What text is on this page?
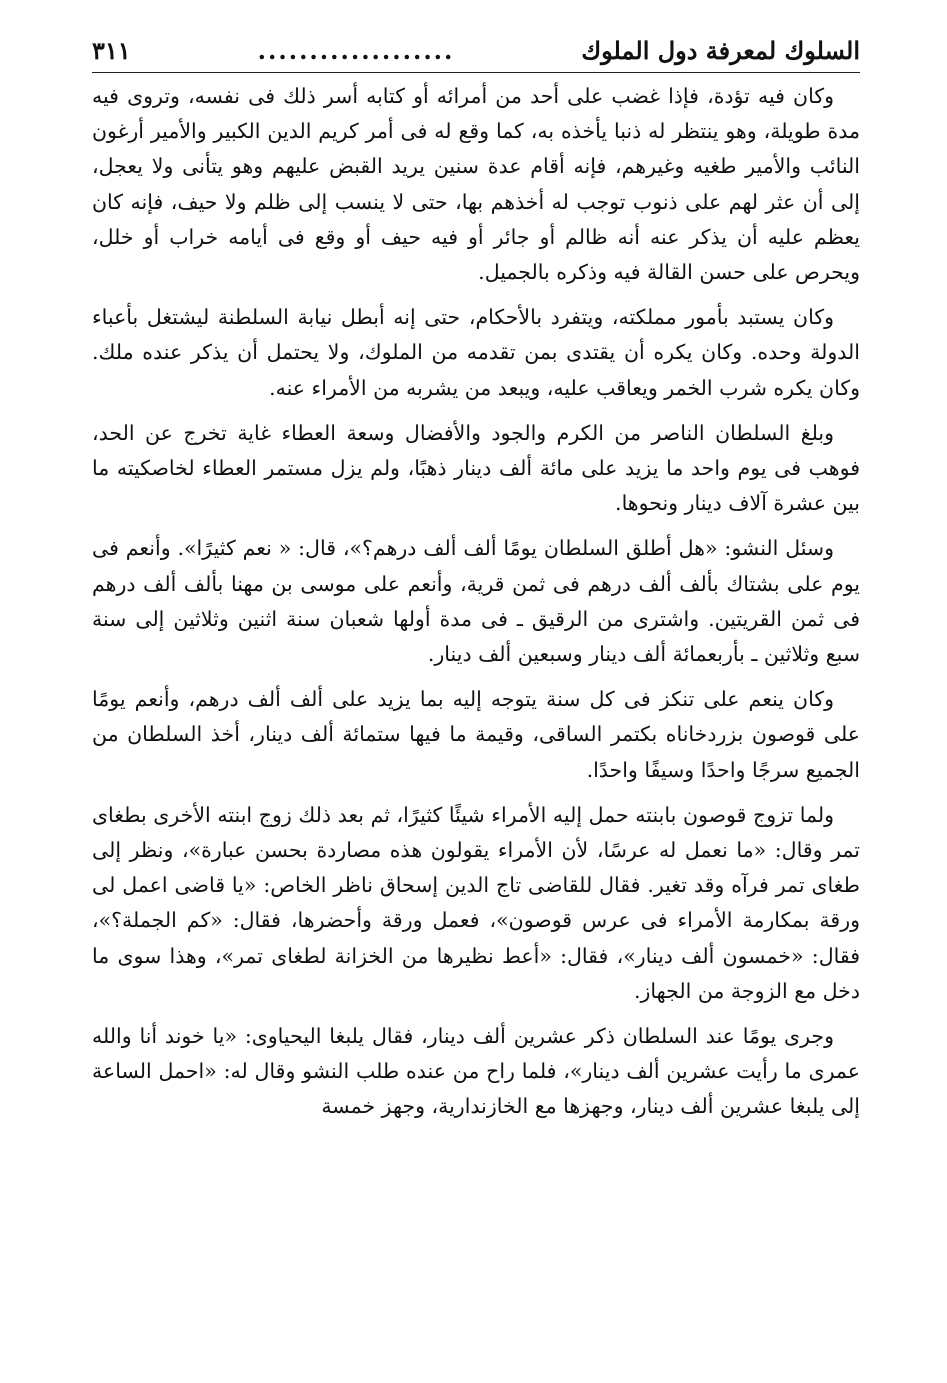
السلوك لمعرفة دول الملوك
...................
٣١١

وكان فيه تؤدة، فإذا غضب على أحد من أمرائه أو كتابه أسر ذلك فى نفسه، وتروى فيه مدة طويلة، وهو ينتظر له ذنبا يأخذه به، كما وقع له فى أمر كريم الدين الكبير والأمير أرغون النائب والأمير طغيه وغيرهم، فإنه أقام عدة سنين يريد القبض عليهم وهو يتأنى ولا يعجل، إلى أن عثر لهم على ذنوب توجب له أخذهم بها، حتى لا ينسب إلى ظلم ولا حيف، فإنه كان يعظم عليه أن يذكر عنه أنه ظالم أو جائر أو فيه حيف أو وقع فى أيامه خراب أو خلل، ويحرص على حسن القالة فيه وذكره بالجميل.

وكان يستبد بأمور مملكته، ويتفرد بالأحكام، حتى إنه أبطل نيابة السلطنة ليشتغل بأعباء الدولة وحده. وكان يكره أن يقتدى بمن تقدمه من الملوك، ولا يحتمل أن يذكر عنده ملك. وكان يكره شرب الخمر ويعاقب عليه، ويبعد من يشربه من الأمراء عنه.

وبلغ السلطان الناصر من الكرم والجود والأفضال وسعة العطاء غاية تخرج عن الحد، فوهب فى يوم واحد ما يزيد على مائة ألف دينار ذهبًا، ولم يزل مستمر العطاء لخاصكيته ما بين عشرة آلاف دينار ونحوها.

وسئل النشو: «هل أطلق السلطان يومًا ألف ألف درهم؟»، قال: « نعم كثيرًا». وأنعم فى يوم على بشتاك بألف ألف درهم فى ثمن قرية، وأنعم على موسى بن مهنا بألف ألف درهم فى ثمن القريتين. واشترى من الرقيق ـ فى مدة أولها شعبان سنة اثنين وثلاثين إلى سنة سبع وثلاثين ـ بأربعمائة ألف دينار وسبعين ألف دينار.

وكان ينعم على تنكز فى كل سنة يتوجه إليه بما يزيد على ألف ألف درهم، وأنعم يومًا على قوصون بزردخاناه بكتمر الساقى، وقيمة ما فيها ستمائة ألف دينار، أخذ السلطان من الجميع سرجًا واحدًا وسيفًا واحدًا.

ولما تزوج قوصون بابنته حمل إليه الأمراء شيئًا كثيرًا، ثم بعد ذلك زوج ابنته الأخرى بطغاى تمر وقال: «ما نعمل له عرسًا، لأن الأمراء يقولون هذه مصاردة بحسن عبارة»، ونظر إلى طغاى تمر فرآه وقد تغير. فقال للقاضى تاج الدين إسحاق ناظر الخاص: «يا قاضى اعمل لى ورقة بمكارمة الأمراء فى عرس قوصون»، فعمل ورقة وأحضرها، فقال: «كم الجملة؟»، فقال: «خمسون ألف دينار»، فقال: «أعط نظيرها من الخزانة لطغاى تمر»، وهذا سوى ما دخل مع الزوجة من الجهاز.

وجرى يومًا عند السلطان ذكر عشرين ألف دينار، فقال يلبغا اليحياوى: «يا خوند أنا والله عمرى ما رأيت عشرين ألف دينار»، فلما راح من عنده طلب النشو وقال له: «احمل الساعة إلى يلبغا عشرين ألف دينار، وجهزها مع الخازندارية، وجهز خمسة
